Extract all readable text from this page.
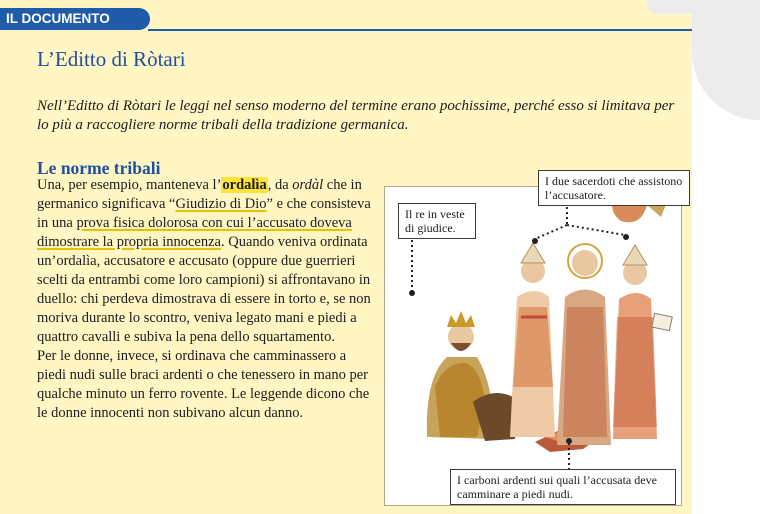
IL DOCUMENTO
L’Editto di Ròtari
Nell’Editto di Ròtari le leggi nel senso moderno del termine erano pochissime, perché esso si limitava per lo più a raccogliere norme tribali della tradizione germanica.
Le norme tribali

Una, per esempio, manteneva l’ordalìa, da ordàl che in germanico significava “Giudizio di Dio” e che consisteva in una prova fisica dolorosa con cui l’accusato doveva dimostrare la propria innocenza. Quando veniva ordinata un’ordalìa, accusatore e accusato (oppure due guerrieri scelti da entrambi come loro campioni) si affrontavano in duello: chi perdeva dimostrava di essere in torto e, se non moriva durante lo scontro, veniva legato mani e piedi a quattro cavalli e subiva la pena dello squartamento.

Per le donne, invece, si ordinava che camminassero a piedi nudi sulle braci ardenti o che tenessero in mano per qualche minuto un ferro rovente. Le leggende dicono che le donne innocenti non subivano alcun danno.

I due sacerdoti che assistono l’accusatore.
Il re in veste di giudice.
I carboni ardenti sui quali l’accusata deve camminare a piedi nudi.
